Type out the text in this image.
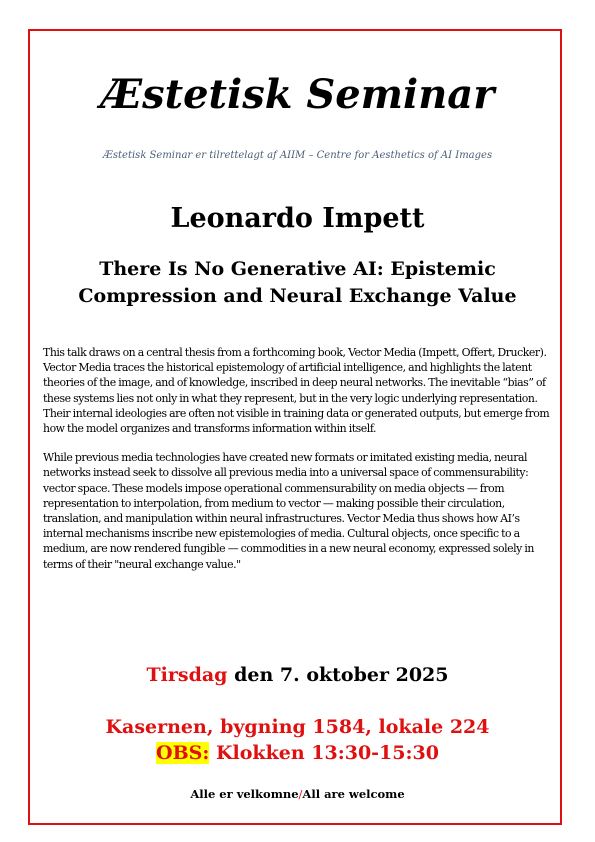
Æstetisk Seminar
Æstetisk Seminar er tilrettelagt af AIIM – Centre for Aesthetics of AI Images
Leonardo Impett
There Is No Generative AI: Epistemic Compression and Neural Exchange Value

This talk draws on a central thesis from a forthcoming book, Vector Media (Impett, Offert, Drucker). Vector Media traces the historical epistemology of artificial intelligence, and highlights the latent theories of the image, and of knowledge, inscribed in deep neural networks. The inevitable “bias” of these systems lies not only in what they represent, but in the very logic underlying representation. Their internal ideologies are often not visible in training data or generated outputs, but emerge from how the model organizes and transforms information within itself.

While previous media technologies have created new formats or imitated existing media, neural networks instead seek to dissolve all previous media into a universal space of commensurability: vector space. These models impose operational commensurability on media objects — from representation to interpolation, from medium to vector — making possible their circulation, translation, and manipulation within neural infrastructures. Vector Media thus shows how AI’s internal mechanisms inscribe new epistemologies of media. Cultural objects, once specific to a medium, are now rendered fungible — commodities in a new neural economy, expressed solely in terms of their "neural exchange value."

Tirsdag den 7. oktober 2025
Kasernen, bygning 1584, lokale 224
OBS: Klokken 13:30-15:30
Alle er velkomne/All are welcome
